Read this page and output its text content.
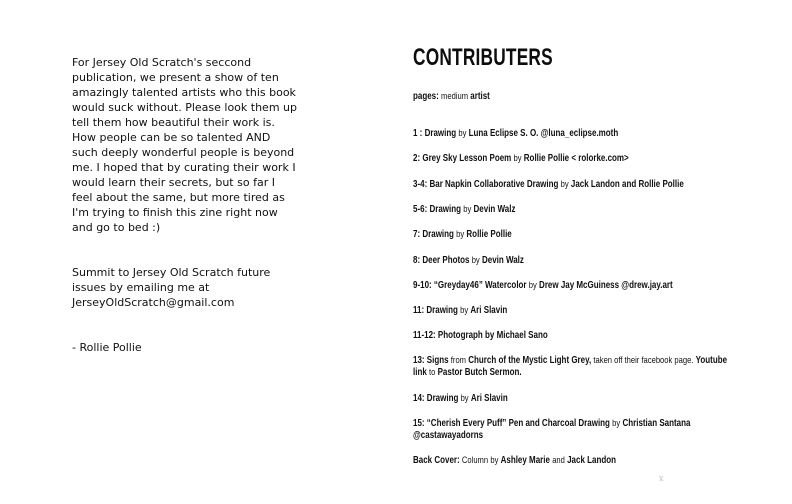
For Jersey Old Scratch's seccond
publication, we present a show of ten
amazingly talented artists who this book
would suck without. Please look them up
tell them how beautiful their work is.
How people can be so talented AND
such deeply wonderful people is beyond
me. I hoped that by curating their work I
would learn their secrets, but so far I
feel about the same, but more tired as
I'm trying to finish this zine right now
and go to bed :)

Summit to Jersey Old Scratch future
issues by emailing me at
JerseyOldScratch@gmail.com

- Rollie Pollie

CONTRIBUTERS
pages: medium artist
1 : Drawing by Luna Eclipse S. O. @luna_eclipse.moth
2: Grey Sky Lesson Poem by Rollie Pollie < rolorke.com>
3-4: Bar Napkin Collaborative Drawing by Jack Landon and Rollie Pollie
5-6: Drawing by Devin Walz
7: Drawing by Rollie Pollie
8: Deer Photos by Devin Walz
9-10: “Greyday46” Watercolor by Drew Jay McGuiness @drew.jay.art
11: Drawing by Ari Slavin
11-12: Photograph by Michael Sano
13: Signs from Church of the Mystic Light Grey, taken off their facebook page. Youtube link to Pastor Butch Sermon.
14: Drawing by Ari Slavin
15: “Cherish Every Puff” Pen and Charcoal Drawing by Christian Santana @castawayadorns
Back Cover: Column by Ashley Marie and Jack Landon
x
